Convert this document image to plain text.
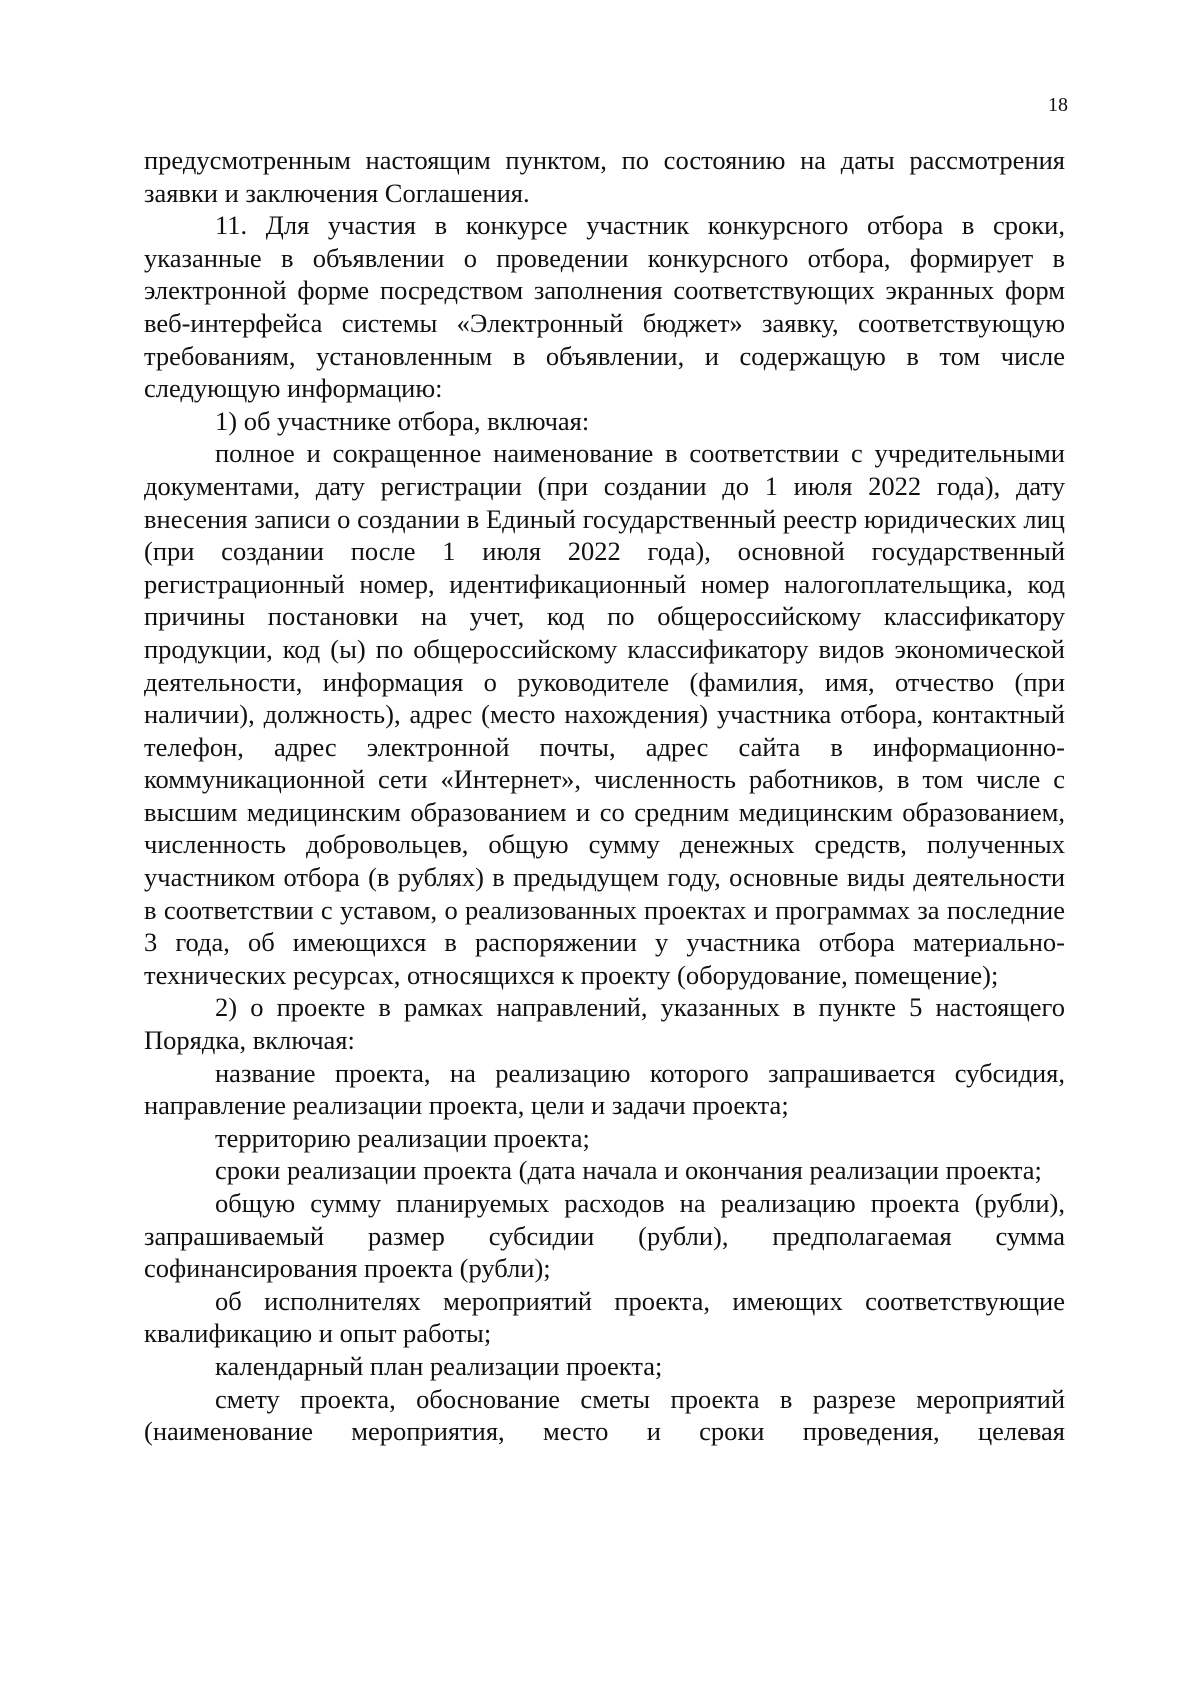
18

предусмотренным настоящим пунктом, по состоянию на даты рассмотрения заявки и заключения Соглашения.

11. Для участия в конкурсе участник конкурсного отбора в сроки, указанные в объявлении о проведении конкурсного отбора, формирует в электронной форме посредством заполнения соответствующих экранных форм веб-интерфейса системы «Электронный бюджет» заявку, соответствующую требованиям, установленным в объявлении, и содержащую в том числе следующую информацию:

1) об участнике отбора, включая:

полное и сокращенное наименование в соответствии с учредительными документами, дату регистрации (при создании до 1 июля 2022 года), дату внесения записи о создании в Единый государственный реестр юридических лиц (при создании после 1 июля 2022 года), основной государственный регистрационный номер, идентификационный номер налогоплательщика, код причины постановки на учет, код по общероссийскому классификатору продукции, код (ы) по общероссийскому классификатору видов экономической деятельности, информация о руководителе (фамилия, имя, отчество (при наличии), должность), адрес (место нахождения) участника отбора, контактный телефон, адрес электронной почты, адрес сайта в информационно-коммуникационной сети «Интернет», численность работников, в том числе с высшим медицинским образованием и со средним медицинским образованием, численность добровольцев, общую сумму денежных средств, полученных участником отбора (в рублях) в предыдущем году, основные виды деятельности в соответствии с уставом, о реализованных проектах и программах за последние 3 года, об имеющихся в распоряжении у участника отбора материально-технических ресурсах, относящихся к проекту (оборудование, помещение);

2) о проекте в рамках направлений, указанных в пункте 5 настоящего Порядка, включая:

название проекта, на реализацию которого запрашивается субсидия, направление реализации проекта, цели и задачи проекта;

территорию реализации проекта;

сроки реализации проекта (дата начала и окончания реализации проекта;

общую сумму планируемых расходов на реализацию проекта (рубли), запрашиваемый размер субсидии (рубли), предполагаемая сумма софинансирования проекта (рубли);

об исполнителях мероприятий проекта, имеющих соответствующие квалификацию и опыт работы;

календарный план реализации проекта;

смету проекта, обоснование сметы проекта в разрезе мероприятий (наименование мероприятия, место и сроки проведения, целевая
